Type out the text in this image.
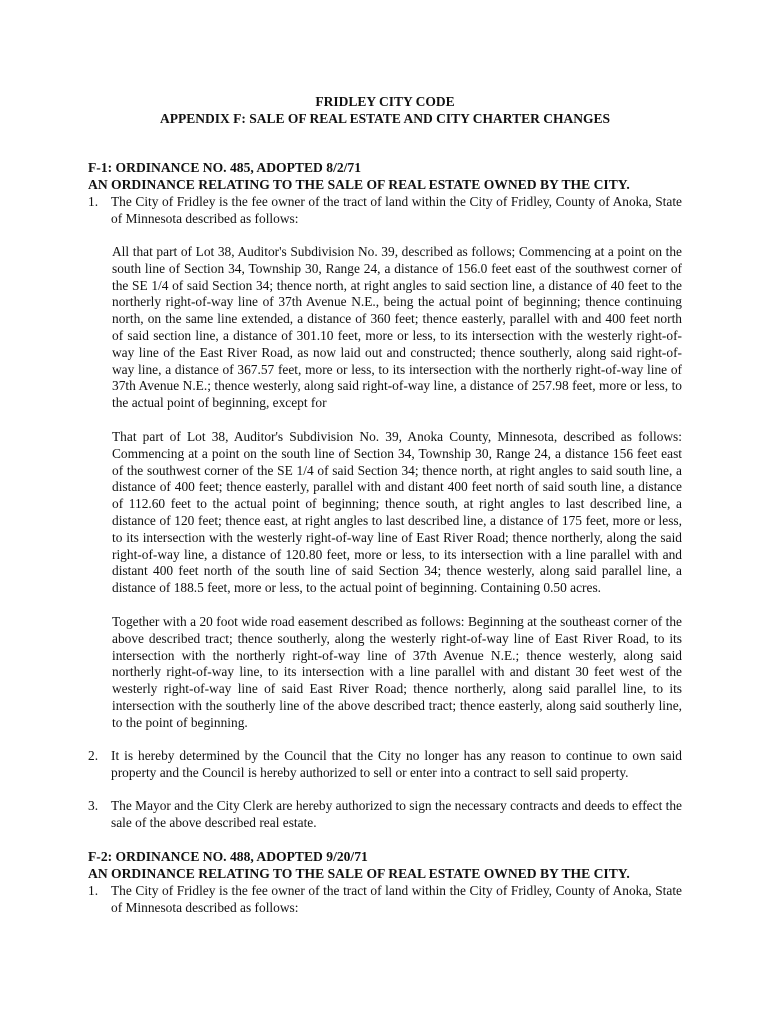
FRIDLEY CITY CODE
APPENDIX F: SALE OF REAL ESTATE AND CITY CHARTER CHANGES
F-1: ORDINANCE NO. 485, ADOPTED 8/2/71
AN ORDINANCE RELATING TO THE SALE OF REAL ESTATE OWNED BY THE CITY.
1. The City of Fridley is the fee owner of the tract of land within the City of Fridley, County of Anoka, State of Minnesota described as follows:
All that part of Lot 38, Auditor's Subdivision No. 39, described as follows; Commencing at a point on the south line of Section 34, Township 30, Range 24, a distance of 156.0 feet east of the southwest corner of the SE 1/4 of said Section 34; thence north, at right angles to said section line, a distance of 40 feet to the northerly right-of-way line of 37th Avenue N.E., being the actual point of beginning; thence continuing north, on the same line extended, a distance of 360 feet; thence easterly, parallel with and 400 feet north of said section line, a distance of 301.10 feet, more or less, to its intersection with the westerly right-of-way line of the East River Road, as now laid out and constructed; thence southerly, along said right-of-way line, a distance of 367.57 feet, more or less, to its intersection with the northerly right-of-way line of 37th Avenue N.E.; thence westerly, along said right-of-way line, a distance of 257.98 feet, more or less, to the actual point of beginning, except for
That part of Lot 38, Auditor's Subdivision No. 39, Anoka County, Minnesota, described as follows: Commencing at a point on the south line of Section 34, Township 30, Range 24, a distance 156 feet east of the southwest corner of the SE 1/4 of said Section 34; thence north, at right angles to said south line, a distance of 400 feet; thence easterly, parallel with and distant 400 feet north of said south line, a distance of 112.60 feet to the actual point of beginning; thence south, at right angles to last described line, a distance of 120 feet; thence east, at right angles to last described line, a distance of 175 feet, more or less, to its intersection with the westerly right-of-way line of East River Road; thence northerly, along the said right-of-way line, a distance of 120.80 feet, more or less, to its intersection with a line parallel with and distant 400 feet north of the south line of said Section 34; thence westerly, along said parallel line, a distance of 188.5 feet, more or less, to the actual point of beginning. Containing 0.50 acres.
Together with a 20 foot wide road easement described as follows: Beginning at the southeast corner of the above described tract; thence southerly, along the westerly right-of-way line of East River Road, to its intersection with the northerly right-of-way line of 37th Avenue N.E.; thence westerly, along said northerly right-of-way line, to its intersection with a line parallel with and distant 30 feet west of the westerly right-of-way line of said East River Road; thence northerly, along said parallel line, to its intersection with the southerly line of the above described tract; thence easterly, along said southerly line, to the point of beginning.
2. It is hereby determined by the Council that the City no longer has any reason to continue to own said property and the Council is hereby authorized to sell or enter into a contract to sell said property.
3. The Mayor and the City Clerk are hereby authorized to sign the necessary contracts and deeds to effect the sale of the above described real estate.
F-2: ORDINANCE NO. 488, ADOPTED 9/20/71
AN ORDINANCE RELATING TO THE SALE OF REAL ESTATE OWNED BY THE CITY.
1. The City of Fridley is the fee owner of the tract of land within the City of Fridley, County of Anoka, State of Minnesota described as follows:
